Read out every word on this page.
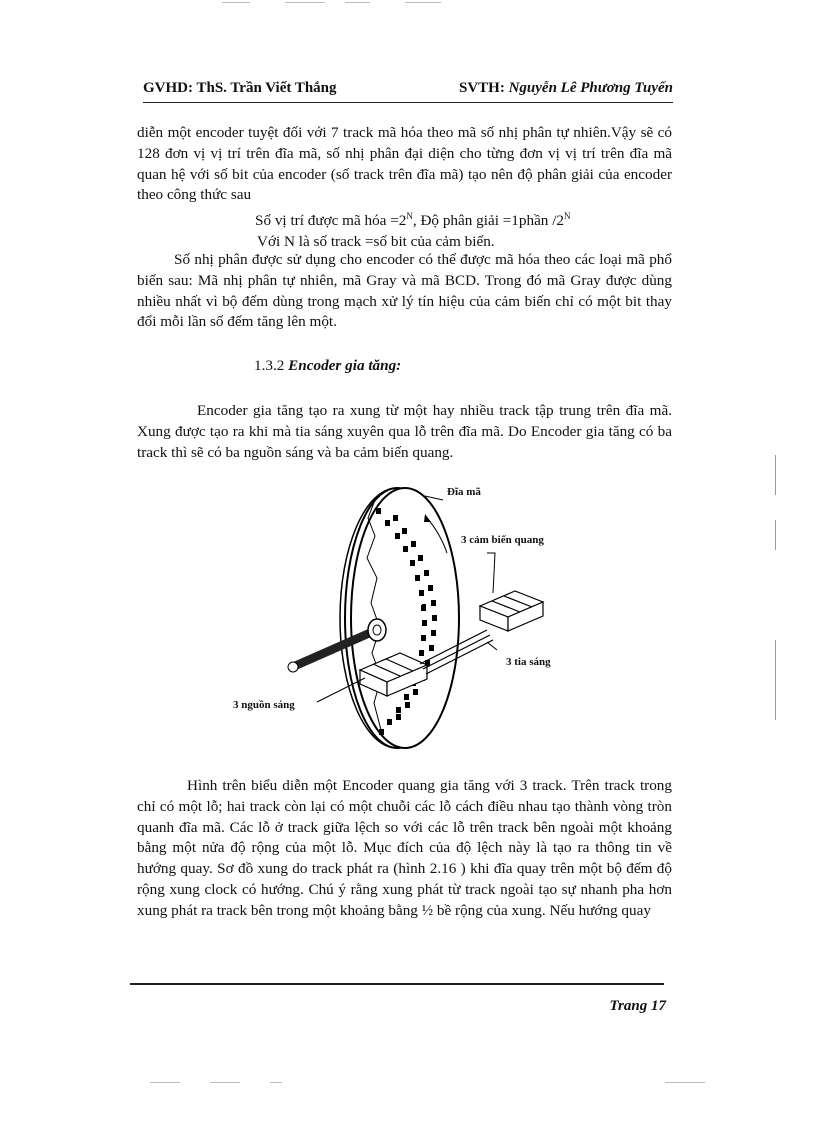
GVHD: ThS. Trần Viết Thắng	SVTH: Nguyễn Lê Phương Tuyến
diễn một encoder tuyệt đối với 7 track mã hóa theo mã số nhị phân tự nhiên.Vậy sẽ có 128 đơn vị vị trí trên đĩa mã, số nhị phân đại diện cho từng đơn vị vị trí trên đĩa mã quan hệ với số bit của encoder (số track trên đĩa mã) tạo nên độ phân giải của encoder theo công thức sau
Số vị trí được mã hóa $=2^N$, Độ phân giải =1phần $/2^N$
Với N là số track =số bit của cảm biến.
Số nhị phân được sử dụng cho encoder có thể được mã hóa theo các loại mã phổ biến sau: Mã nhị phân tự nhiên, mã Gray và mã BCD. Trong đó mã Gray được dùng nhiều nhất vì bộ đếm dùng trong mạch xử lý tín hiệu của cảm biến chỉ có một bit thay đổi mỗi lần số đếm tăng lên một.
1.3.2 Encoder gia tăng:
Encoder gia tăng tạo ra xung từ một hay nhiều track tập trung trên đĩa mã. Xung được tạo ra khi mà tia sáng xuyên qua lỗ trên đĩa mã. Do Encoder gia tăng có ba track thì sẽ có ba nguồn sáng và ba cảm biến quang.
Đĩa mã
3 cảm biến quang
3 tia sáng
3 nguồn sáng
Hình trên biểu diễn một Encoder quang gia tăng với 3 track. Trên track trong chỉ có một lỗ; hai track còn lại có một chuỗi các lỗ cách điều nhau tạo thành vòng tròn quanh đĩa mã. Các lỗ ở track giữa lệch so với các lỗ trên track bên ngoài một khoảng bằng một nửa độ rộng của một lỗ. Mục đích của độ lệch này là tạo ra thông tin về hướng quay. Sơ đồ xung do track phát ra (hình 2.16 ) khi đĩa quay trên một bộ đếm độ rộng xung clock có hướng. Chú ý rằng xung phát từ track ngoài tạo sự nhanh pha hơn xung phát ra track bên trong một khoảng bằng ½ bề rộng của xung. Nếu hướng quay
Trang 17
